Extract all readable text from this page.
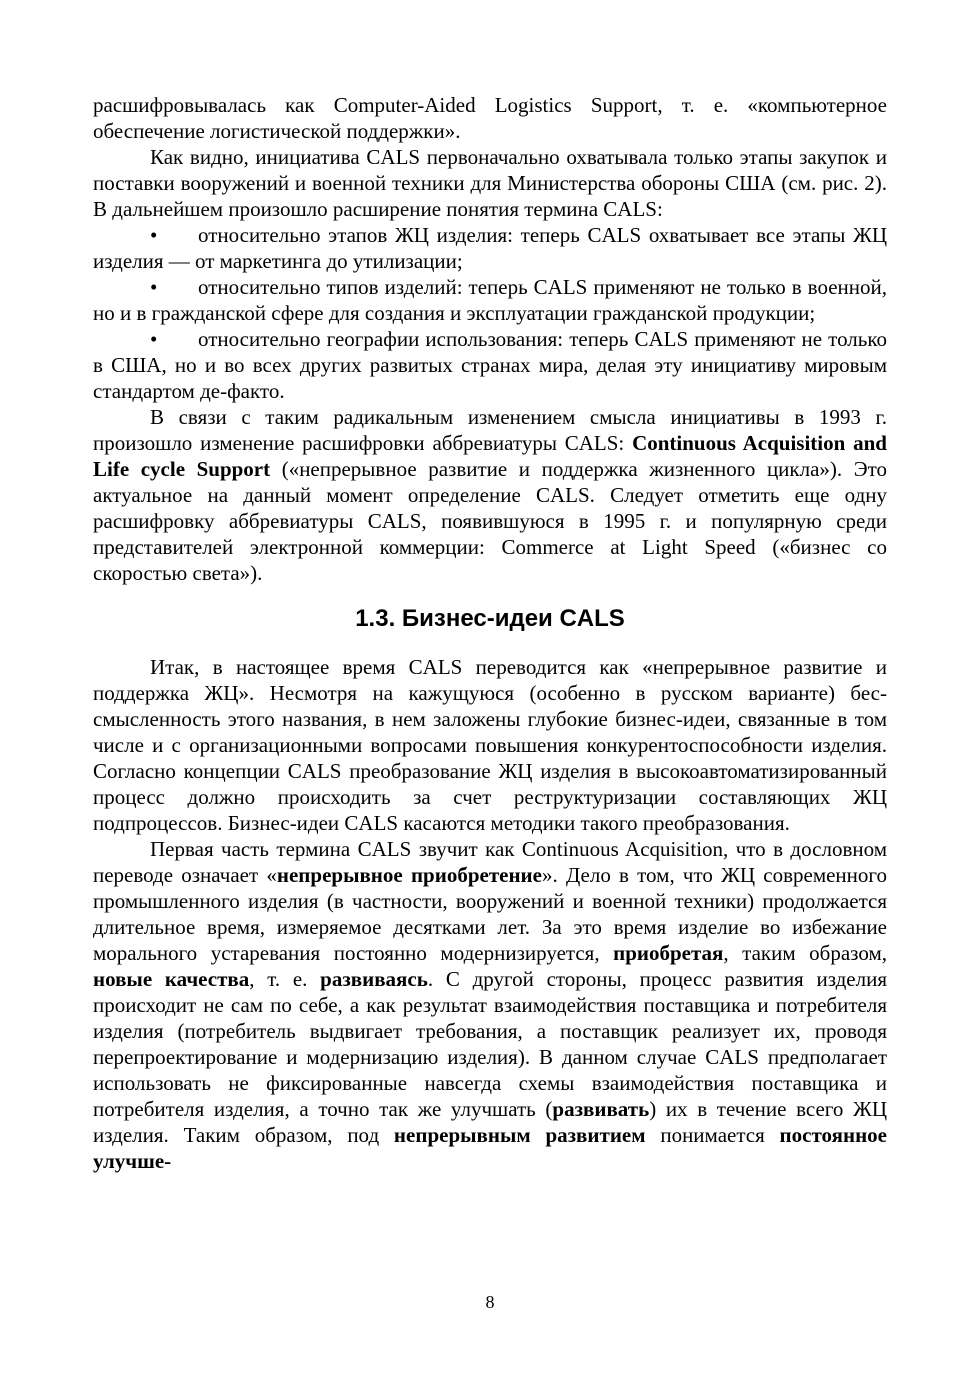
расшифровывалась как Computer-Aided Logistics Support, т. е. «компьютерное обеспечение логистической поддержки».

Как видно, инициатива CALS первоначально охватывала только этапы закупок и поставки вооружений и военной техники для Министерства обороны США (см. рис. 2). В дальнейшем произошло расширение понятия термина CALS:

• относительно этапов ЖЦ изделия: теперь CALS охватывает все этапы ЖЦ изделия — от маркетинга до утилизации;

• относительно типов изделий: теперь CALS применяют не только в военной, но и в гражданской сфере для создания и эксплуатации гражданской продукции;

• относительно географии использования: теперь CALS применяют не только в США, но и во всех других развитых странах мира, делая эту инициативу мировым стандартом де-факто.

В связи с таким радикальным изменением смысла инициативы в 1993 г. произошло изменение расшифровки аббревиатуры CALS: Continuous Acquisition and Life cycle Support («непрерывное развитие и поддержка жизненного цикла»). Это актуальное на данный момент определение CALS. Следует отметить еще одну расшифровку аббревиатуры CALS, появившуюся в 1995 г. и популярную среди представителей электронной коммерции: Commerce at Light Speed («бизнес со скоростью света»).

1.3. Бизнес-идеи CALS

Итак, в настоящее время CALS переводится как «непрерывное развитие и поддержка ЖЦ». Несмотря на кажущуюся (особенно в русском варианте) бессмысленность этого названия, в нем заложены глубокие бизнес-идеи, связанные в том числе и с организационными вопросами повышения конкурентоспособности изделия. Согласно концепции CALS преобразование ЖЦ изделия в высокоавтоматизированный процесс должно происходить за счет реструктуризации составляющих ЖЦ подпроцессов. Бизнес-идеи CALS касаются методики такого преобразования.

Первая часть термина CALS звучит как Continuous Acquisition, что в дословном переводе означает «непрерывное приобретение». Дело в том, что ЖЦ современного промышленного изделия (в частности, вооружений и военной техники) продолжается длительное время, измеряемое десятками лет. За это время изделие во избежание морального устаревания постоянно модернизируется, приобретая, таким образом, новые качества, т. е. развиваясь. С другой стороны, процесс развития изделия происходит не сам по себе, а как результат взаимодействия поставщика и потребителя изделия (потребитель выдвигает требования, а поставщик реализует их, проводя перепроектирование и модернизацию изделия). В данном случае CALS предполагает использовать не фиксированные навсегда схемы взаимодействия поставщика и потребителя изделия, а точно так же улучшать (развивать) их в течение всего ЖЦ изделия. Таким образом, под непрерывным развитием понимается постоянное улучше-

8
